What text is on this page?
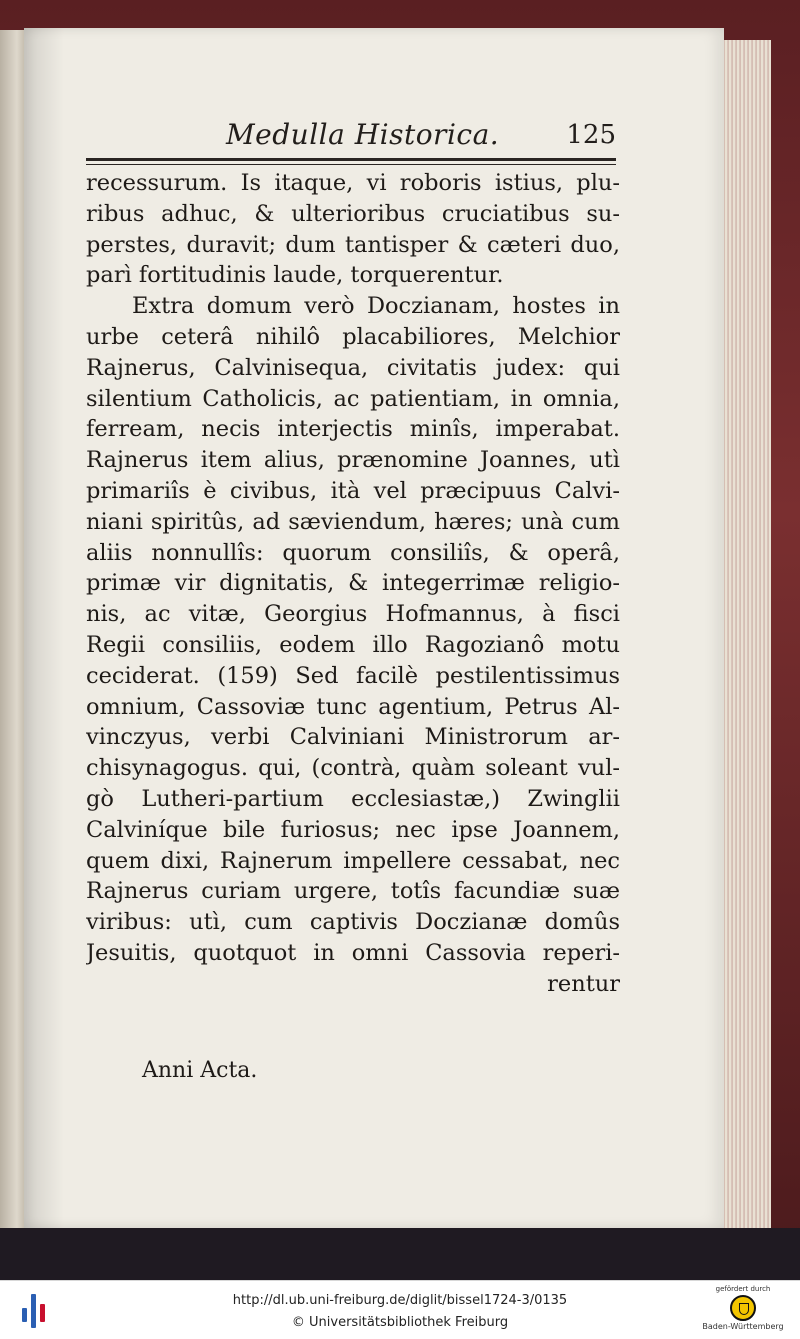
Medulla Historica.	125
recessurum. Is itaque, vi roboris istius, plu-
ribus adhuc, & ulterioribus cruciatibus su-
perstes, duravit; dum tantisper & cæteri duo,
parì fortitudinis laude, torquerentur.
Extra domum verò Doczianam, hostes in
urbe ceterâ nihilô placabiliores, Melchior
Rajnerus, Calvinisequa, civitatis judex: qui
silentium Catholicis, ac patientiam, in omnia,
ferream, necis interjectis minîs, imperabat.
Rajnerus item alius, prænomine Joannes, utì
primariîs è civibus, ità vel præcipuus Calvi-
niani spiritûs, ad sæviendum, hæres; unà cum
aliis nonnullîs: quorum consiliîs, & operâ,
primæ vir dignitatis, & integerrimæ religio-
nis, ac vitæ, Georgius Hofmannus, à fisci
Regii consiliis, eodem illo Ragozianô motu
ceciderat. (159) Sed facilè pestilentissimus
omnium, Cassoviæ tunc agentium, Petrus Al-
vinczyus, verbi Calviniani Ministrorum ar-
chisynagogus. qui, (contrà, quàm soleant vul-
gò Lutheri-partium ecclesiastæ,) Zwinglii
Calviníque bile furiosus; nec ipse Joannem,
quem dixi, Rajnerum impellere cessabat, nec
Rajnerus curiam urgere, totîs facundiæ suæ
viribus: utì, cum captivis Doczianæ domûs
Jesuitis, quotquot in omni Cassovia reperi-
rentur
Anni Acta.
http://dl.ub.uni-freiburg.de/diglit/bissel1724-3/0135
© Universitätsbibliothek Freiburg
gefördert durch
Baden-Württemberg
